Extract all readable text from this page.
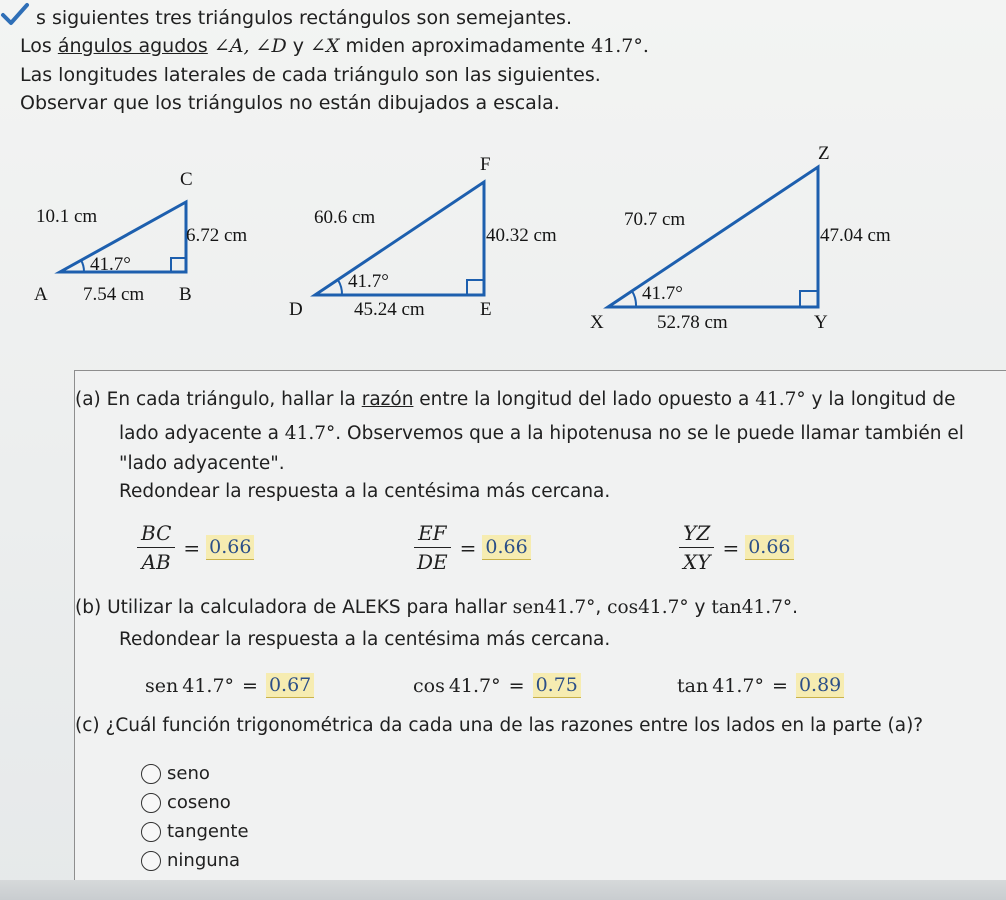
s siguientes tres triángulos rectángulos son semejantes.
Los ángulos agudos ∠A, ∠D y ∠X miden aproximadamente 41.7°.
Las longitudes laterales de cada triángulo son las siguientes.
Observar que los triángulos no están dibujados a escala.
C
10.1 cm
6.72 cm
41.7°
A 7.54 cm B
F
60.6 cm
40.32 cm
41.7°
D	45.24 cm	E
Z
70.7 cm
47.04 cm
41.7°
X	52.78 cm	Y
(a) En cada triángulo, hallar la razón entre la longitud del lado opuesto a 41.7° y la longitud de
lado adyacente a 41.7°. Observemos que a la hipotenusa no se le puede llamar también el
"lado adyacente".
Redondear la respuesta a la centésima más cercana.
$\frac{BC}{AB} = 0.66$	$\frac{EF}{DE} = 0.66$	$\frac{YZ}{XY} = 0.66$
(b) Utilizar la calculadora de ALEKS para hallar sen41.7°, cos41.7° y tan41.7°.
Redondear la respuesta a la centésima más cercana.
sen 41.7° = 0.67	cos 41.7° = 0.75	tan 41.7° = 0.89
(c) ¿Cuál función trigonométrica da cada una de las razones entre los lados en la parte (a)?
seno
coseno
tangente
ninguna
